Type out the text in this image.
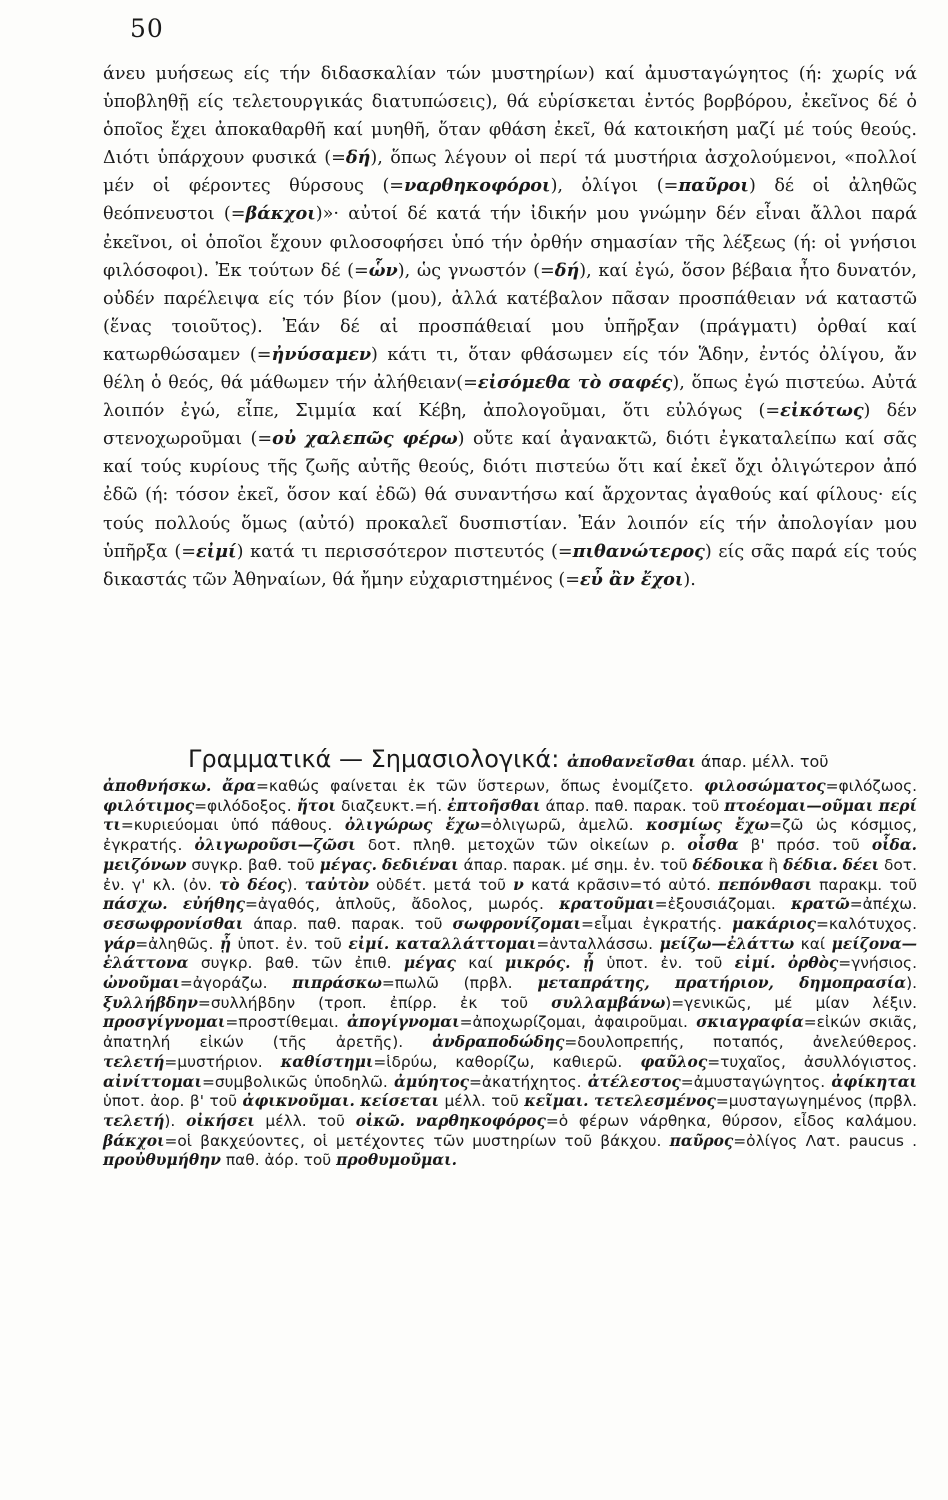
50

άνευ μυήσεως είς τήν διδασκαλίαν τών μυστηρίων) καί ἀμυσταγώγητος (ή: χωρίς νά ὑποβληθῇ είς τελετουργικάς διατυπώσεις), θά εὑρίσκεται ἐντός βορβόρου, ἐκεῖνος δέ ὁ ὁποῖος ἔχει ἀποκαθαρθῆ καί μυηθῆ, ὅταν φθάση ἐκεῖ, θά κατοικήση μαζί μέ τούς θεούς. Διότι ὑπάρχουν φυσικά (=δή), ὅπως λέγουν οἱ περί τά μυστήρια ἀσχολούμενοι, «πολλοί μέν οἱ φέροντες θύρσους (=ναρθηκοφόροι), ὀλίγοι (=παῦροι) δέ οἱ ἀληθῶς θεόπνευστοι (=βάκχοι)»· αὐτοί δέ κατά τήν ἰδικήν μου γνώμην δέν εἶναι ἄλλοι παρά ἐκεῖνοι, οἱ ὁποῖοι ἔχουν φιλοσοφήσει ὑπό τήν ὀρθήν σημασίαν τῆς λέξεως (ή: οἱ γνήσιοι φιλόσοφοι). Ἐκ τούτων δέ (=ὧν), ὡς γνωστόν (=δή), καί ἐγώ, ὅσον βέβαια ἦτο δυνατόν, οὐδέν παρέλειψα είς τόν βίον (μου), ἀλλά κατέβαλον πᾶσαν προσπάθειαν νά καταστῶ (ἕνας τοιοῦτος). Ἐάν δέ αἱ προσπάθειαί μου ὑπῆρξαν (πράγματι) ὀρθαί καί κατωρθώσαμεν (=ἠνύσαμεν) κάτι τι, ὅταν φθάσωμεν είς τόν Ἅδην, ἐντός ὀλίγου, ἄν θέλη ὁ θεός, θά μάθωμεν τήν ἀλήθειαν(=εἰσόμεθα τὸ σαφές), ὅπως ἐγώ πιστεύω. Αὐτά λοιπόν ἐγώ, εἶπε, Σιμμία καί Κέβη, ἀπολογοῦμαι, ὅτι εὐλόγως (=εἰκότως) δέν στενοχωροῦμαι (=οὐ χαλεπῶς φέρω) οὔτε καί ἀγανακτῶ, διότι ἐγκαταλείπω καί σᾶς καί τούς κυρίους τῆς ζωῆς αὐτῆς θεούς, διότι πιστεύω ὅτι καί ἐκεῖ ὄχι ὀλιγώτερον ἀπό ἐδῶ (ή: τόσον ἐκεῖ, ὅσον καί ἐδῶ) θά συναντήσω καί ἄρχοντας ἀγαθούς καί φίλους· είς τούς πολλούς ὅμως (αὐτό) προκαλεῖ δυσπιστίαν. Ἐάν λοιπόν είς τήν ἀπολογίαν μου ὑπῆρξα (=εἰμί) κατά τι περισσότερον πιστευτός (=πιθανώτερος) είς σᾶς παρά είς τούς δικαστάς τῶν Ἀθηναίων, θά ἤμην εὐχαριστημένος (=εὖ ἂν ἔχοι).

Γραμματικά — Σημασιολογικά: ἀποθανεῖσθαι άπαρ. μέλλ. τοῦ

ἀποθνήσκω. ἄρα=καθώς φαίνεται ἐκ τῶν ὕστερων, ὅπως ἐνομίζετο. φιλοσώματος=φιλόζωος. φιλότιμος=φιλόδοξος. ἤτοι διαζευκτ.=ή. ἐπτοῆσθαι άπαρ. παθ. παρακ. τοῦ πτοέομαι—οῦμαι περί τι=κυριεύομαι ὑπό πάθους. ὀλιγώρως ἔχω=ὀλιγωρῶ, ἀμελῶ. κοσμίως ἔχω=ζῶ ὡς κόσμιος, ἐγκρατής. ὀλιγωροῦσι—ζῶσι δοτ. πληθ. μετοχῶν τῶν οἰκείων ρ. οἶσθα β' πρόσ. τοῦ οἶδα. μειζόνων συγκρ. βαθ. τοῦ μέγας. δεδιέναι άπαρ. παρακ. μέ σημ. ἐν. τοῦ δέδοικα ἢ δέδια. δέει δοτ. ἐν. γ' κλ. (ὀν. τὸ δέος). ταὐτὸν οὐδέτ. μετά τοῦ ν κατά κρᾶσιν=τό αὐτό. πεπόνθασι παρακμ. τοῦ πάσχω. εὐήθης=ἀγαθός, ἁπλοῦς, ἄδολος, μωρός. κρατοῦμαι=ἐξουσιάζομαι. κρατῶ=ἀπέχω. σεσωφρονίσθαι άπαρ. παθ. παρακ. τοῦ σωφρονίζομαι=εἶμαι ἐγκρατής. μακάριος=καλότυχος. γάρ=ἀληθῶς. ᾖ ὑποτ. ἐν. τοῦ εἰμί. καταλλάττομαι=ἀνταλλάσσω. μείζω—ἐλάττω καί μείζονα—ἐλάττονα συγκρ. βαθ. τῶν ἐπιθ. μέγας καί μικρός. ᾖ ὑποτ. ἐν. τοῦ εἰμί. ὀρθὸς=γνήσιος. ὠνοῦμαι=ἀγοράζω. πιπράσκω=πωλῶ (πρβλ. μεταπράτης, πρατήριον, δημοπρασία). ξυλλήβδην=συλλήβδην (τροπ. ἐπίρρ. ἐκ τοῦ συλλαμβάνω)=γενικῶς, μέ μίαν λέξιν. προσγίγνομαι=προστίθεμαι. ἀπογίγνομαι=ἀποχωρίζομαι, ἀφαιροῦμαι. σκιαγραφία=εἰκών σκιᾶς, ἀπατηλή εἰκών (τῆς ἀρετῆς). ἀνδραποδώδης=δουλοπρεπής, ποταπός, ἀνελεύθερος. τελετή=μυστήριον. καθίστημι=ἱδρύω, καθορίζω, καθιερῶ. φαῦλος=τυχαῖος, ἀσυλλόγιστος. αἰνίττομαι=συμβολικῶς ὑποδηλῶ. ἀμύητος=ἀκατήχητος. ἀτέλεστος=ἀμυσταγώγητος. ἀφίκηται ὑποτ. ἀορ. β' τοῦ ἀφικνοῦμαι. κείσεται μέλλ. τοῦ κεῖμαι. τετελεσμένος=μυσταγωγημένος (πρβλ. τελετή). οἰκήσει μέλλ. τοῦ οἰκῶ. ναρθηκοφόρος=ὁ φέρων νάρθηκα, θύρσον, εἶδος καλάμου. βάκχοι=οἱ βακχεύοντες, οἱ μετέχοντες τῶν μυστηρίων τοῦ βάκχου. παῦρος=ὀλίγος Λατ. paucus . προὐθυμήθην παθ. ἀόρ. τοῦ προθυμοῦμαι.
